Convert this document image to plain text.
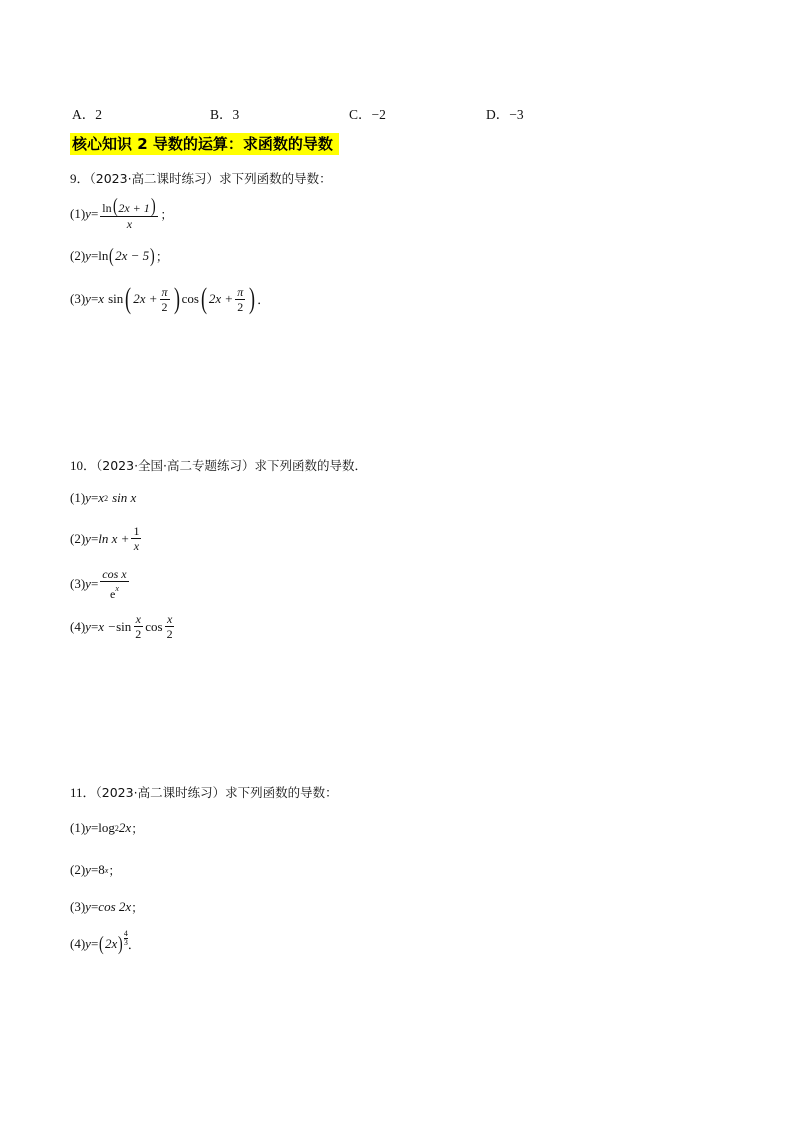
A．2	B．3	C．−2	D．−3
核心知识 2 导数的运算：求函数的导数
9．（2023·高二课时练习）求下列函数的导数：
(1) $y = \frac{\ln(2x + 1)}{x}$ ；
(2) y = ln ( 2x − 5 ) ；
(3) y = x sin ( $2x + \frac{\pi}{2}$ ) cos ( $2x + \frac{\pi}{2}$ ) ．
10．（2023·全国·高二专题练习）求下列函数的导数．
(1) y = x 2 sin x
(2) $y = \ln x + \frac{1}{x}$
(3) $y = \frac{\text{cos x}}{e^x}$
(4) $y = x - \sin \frac{x}{2}$ $\cos \frac{x}{2}$
11．（2023·高二课时练习）求下列函数的导数：
(1) y = log 2 2x ；
(2) y = 8 x ；
(3) y = cos 2x ；
(4) y = ( 2x ) 4
3 ．
